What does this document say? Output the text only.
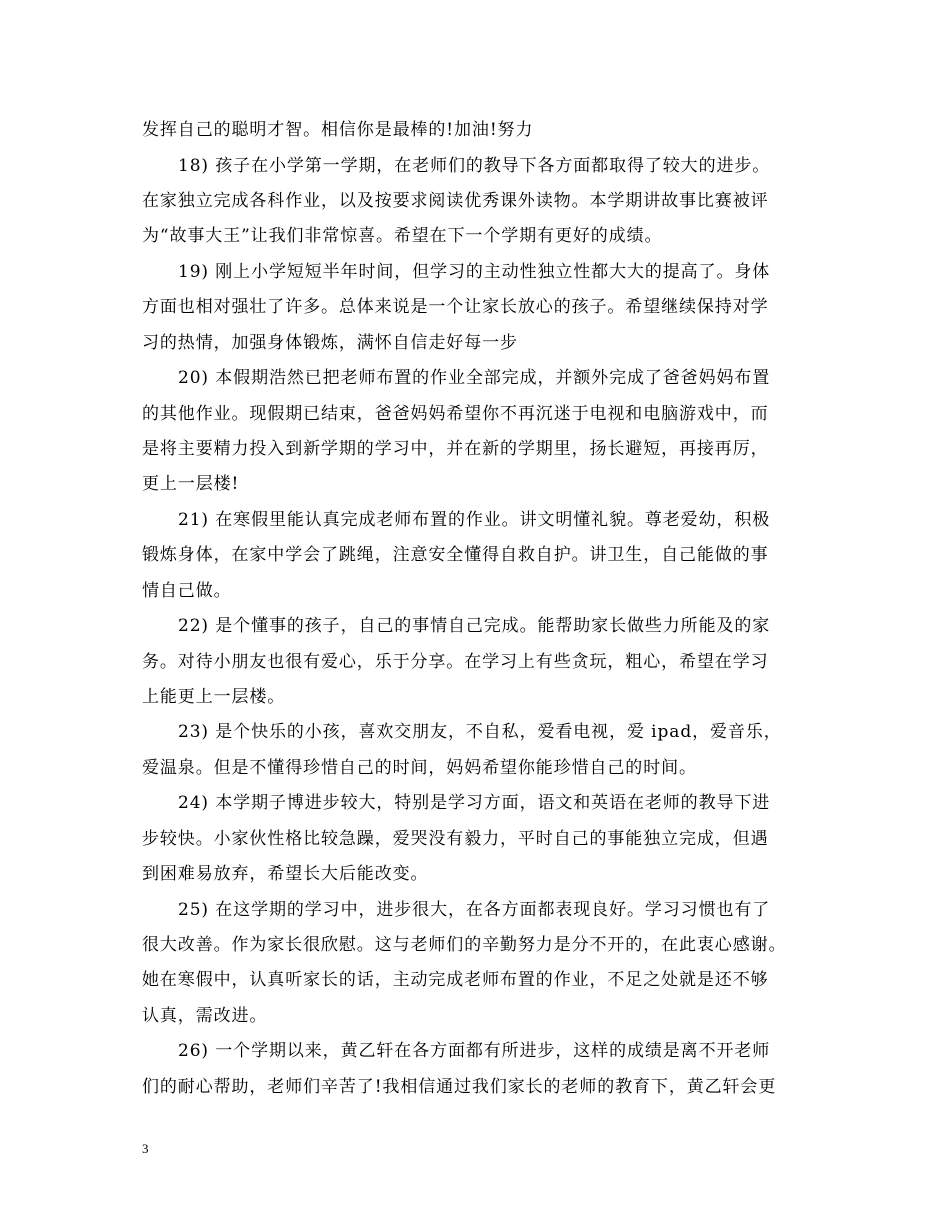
发挥自己的聪明才智。相信你是最棒的!加油!努力
18) 孩子在小学第一学期，在老师们的教导下各方面都取得了较大的进步。
在家独立完成各科作业，以及按要求阅读优秀课外读物。本学期讲故事比赛被评
为“故事大王”让我们非常惊喜。希望在下一个学期有更好的成绩。
19) 刚上小学短短半年时间，但学习的主动性独立性都大大的提高了。身体
方面也相对强壮了许多。总体来说是一个让家长放心的孩子。希望继续保持对学
习的热情，加强身体锻炼，满怀自信走好每一步
20) 本假期浩然已把老师布置的作业全部完成，并额外完成了爸爸妈妈布置
的其他作业。现假期已结束，爸爸妈妈希望你不再沉迷于电视和电脑游戏中，而
是将主要精力投入到新学期的学习中，并在新的学期里，扬长避短，再接再厉，
更上一层楼!
21) 在寒假里能认真完成老师布置的作业。讲文明懂礼貌。尊老爱幼，积极
锻炼身体，在家中学会了跳绳，注意安全懂得自救自护。讲卫生，自己能做的事
情自己做。
22) 是个懂事的孩子，自己的事情自己完成。能帮助家长做些力所能及的家
务。对待小朋友也很有爱心，乐于分享。在学习上有些贪玩，粗心，希望在学习
上能更上一层楼。
23) 是个快乐的小孩，喜欢交朋友，不自私，爱看电视，爱 ipad，爱音乐，
爱温泉。但是不懂得珍惜自己的时间，妈妈希望你能珍惜自己的时间。
24) 本学期子博进步较大，特别是学习方面，语文和英语在老师的教导下进
步较快。小家伙性格比较急躁，爱哭没有毅力，平时自己的事能独立完成，但遇
到困难易放弃，希望长大后能改变。
25) 在这学期的学习中，进步很大，在各方面都表现良好。学习习惯也有了
很大改善。作为家长很欣慰。这与老师们的辛勤努力是分不开的，在此衷心感谢。
她在寒假中，认真听家长的话，主动完成老师布置的作业，不足之处就是还不够
认真，需改进。
26) 一个学期以来，黄乙轩在各方面都有所进步，这样的成绩是离不开老师
们的耐心帮助，老师们辛苦了!我相信通过我们家长的老师的教育下，黄乙轩会更
3
